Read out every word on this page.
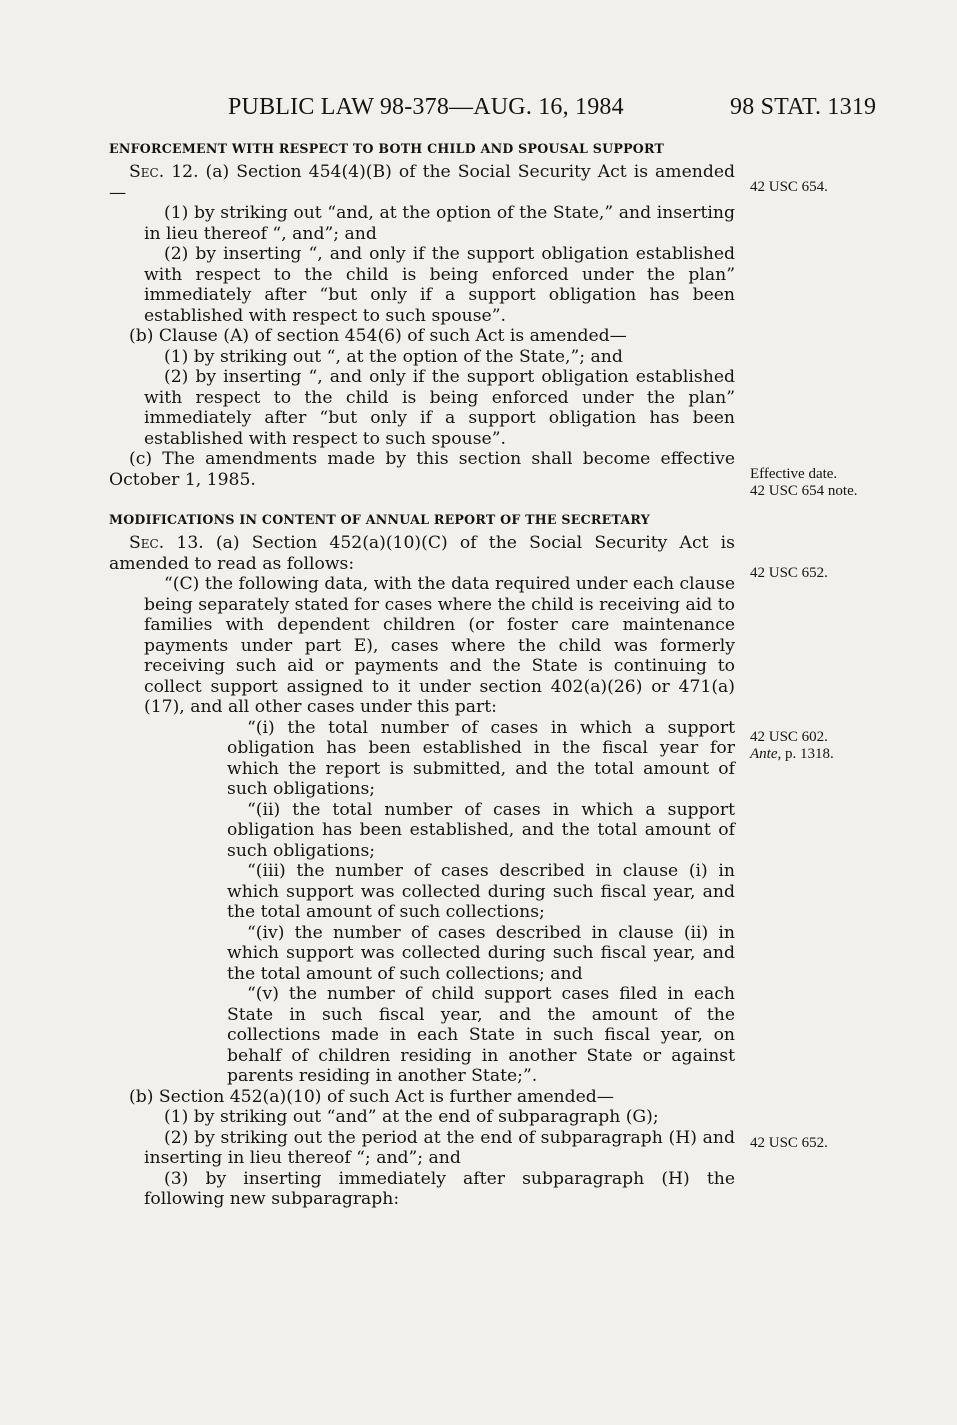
PUBLIC LAW 98-378—AUG. 16, 1984	98 STAT. 1319

ENFORCEMENT WITH RESPECT TO BOTH CHILD AND SPOUSAL SUPPORT

Sec. 12. (a) Section 454(4)(B) of the Social Security Act is amended—

(1) by striking out “and, at the option of the State,” and inserting in lieu thereof “, and”; and

(2) by inserting “, and only if the support obligation established with respect to the child is being enforced under the plan” immediately after “but only if a support obligation has been established with respect to such spouse”.

(b) Clause (A) of section 454(6) of such Act is amended—

(1) by striking out “, at the option of the State,”; and

(2) by inserting “, and only if the support obligation established with respect to the child is being enforced under the plan” immediately after “but only if a support obligation has been established with respect to such spouse”.

(c) The amendments made by this section shall become effective October 1, 1985.

MODIFICATIONS IN CONTENT OF ANNUAL REPORT OF THE SECRETARY

Sec. 13. (a) Section 452(a)(10)(C) of the Social Security Act is amended to read as follows:

“(C) the following data, with the data required under each clause being separately stated for cases where the child is receiving aid to families with dependent children (or foster care maintenance payments under part E), cases where the child was formerly receiving such aid or payments and the State is continuing to collect support assigned to it under section 402(a)(26) or 471(a)(17), and all other cases under this part:

“(i) the total number of cases in which a support obligation has been established in the fiscal year for which the report is submitted, and the total amount of such obligations;

“(ii) the total number of cases in which a support obligation has been established, and the total amount of such obligations;

“(iii) the number of cases described in clause (i) in which support was collected during such fiscal year, and the total amount of such collections;

“(iv) the number of cases described in clause (ii) in which support was collected during such fiscal year, and the total amount of such collections; and

“(v) the number of child support cases filed in each State in such fiscal year, and the amount of the collections made in each State in such fiscal year, on behalf of children residing in another State or against parents residing in another State;”.

(b) Section 452(a)(10) of such Act is further amended—

(1) by striking out “and” at the end of subparagraph (G);

(2) by striking out the period at the end of subparagraph (H) and inserting in lieu thereof “; and”; and

(3) by inserting immediately after subparagraph (H) the following new subparagraph:

42 USC 654.
Effective date.
42 USC 654 note.
42 USC 652.
42 USC 602.
Ante, p. 1318.
42 USC 652.
